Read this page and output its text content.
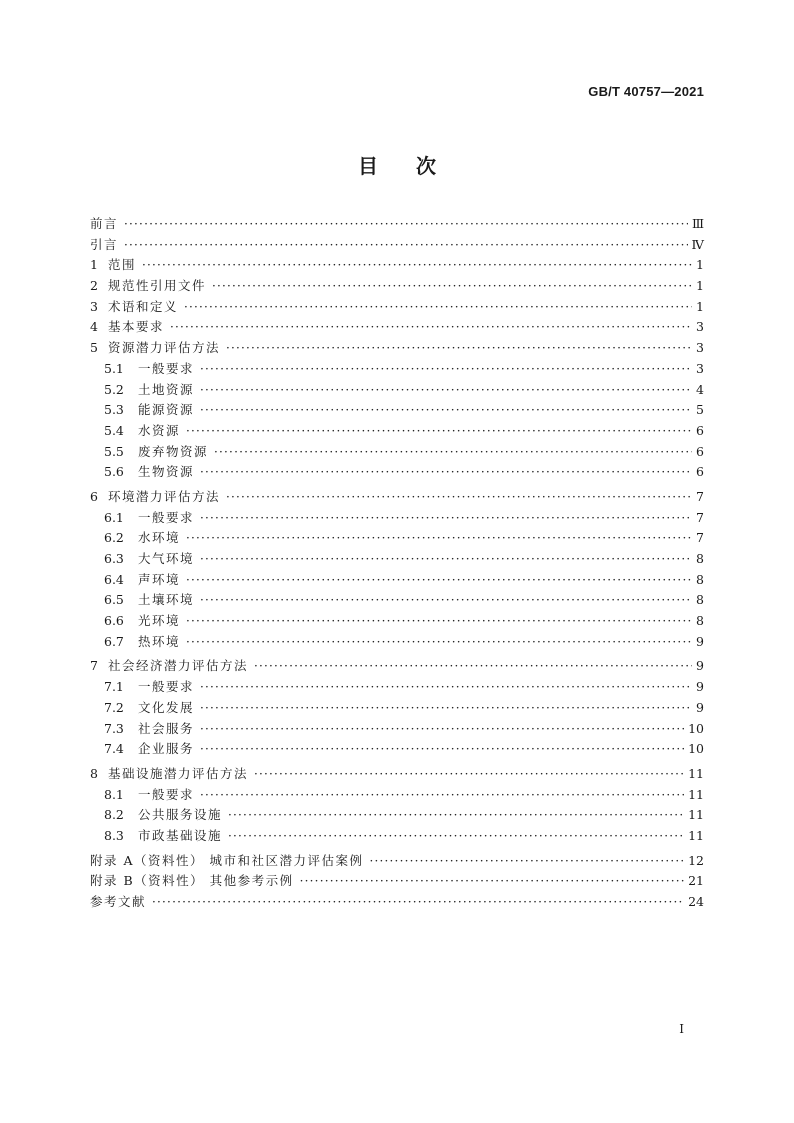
GB/T 40757—2021
目 次
前言 ·····	Ⅲ
引言 ·····	Ⅳ
1 范围 ·····	1
2 规范性引用文件 ·····	1
3 术语和定义 ·····	1
4 基本要求 ·····	3
5 资源潜力评估方法 ·····	3
5.1	一般要求 ·····	3
5.2	土地资源 ·····	4
5.3	能源资源 ·····	5
5.4	水资源 ·····	6
5.5	废弃物资源 ·····	6
5.6	生物资源 ·····	6
6 环境潜力评估方法 ·····	7
6.1	一般要求 ·····	7
6.2	水环境 ·····	7
6.3	大气环境 ·····	8
6.4	声环境 ·····	8
6.5	土壤环境 ·····	8
6.6	光环境 ·····	8
6.7	热环境 ·····	9
7 社会经济潜力评估方法 ·····	9
7.1	一般要求 ·····	9
7.2	文化发展 ·····	9
7.3	社会服务 ·····	10
7.4	企业服务 ·····	10
8 基础设施潜力评估方法 ·····	11
8.1	一般要求 ·····	11
8.2	公共服务设施 ·····	11
8.3	市政基础设施 ·····	11
附录 A（资料性） 城市和社区潜力评估案例 ·····	12
附录 B（资料性） 其他参考示例 ·····	21
参考文献 ·····	24
I
